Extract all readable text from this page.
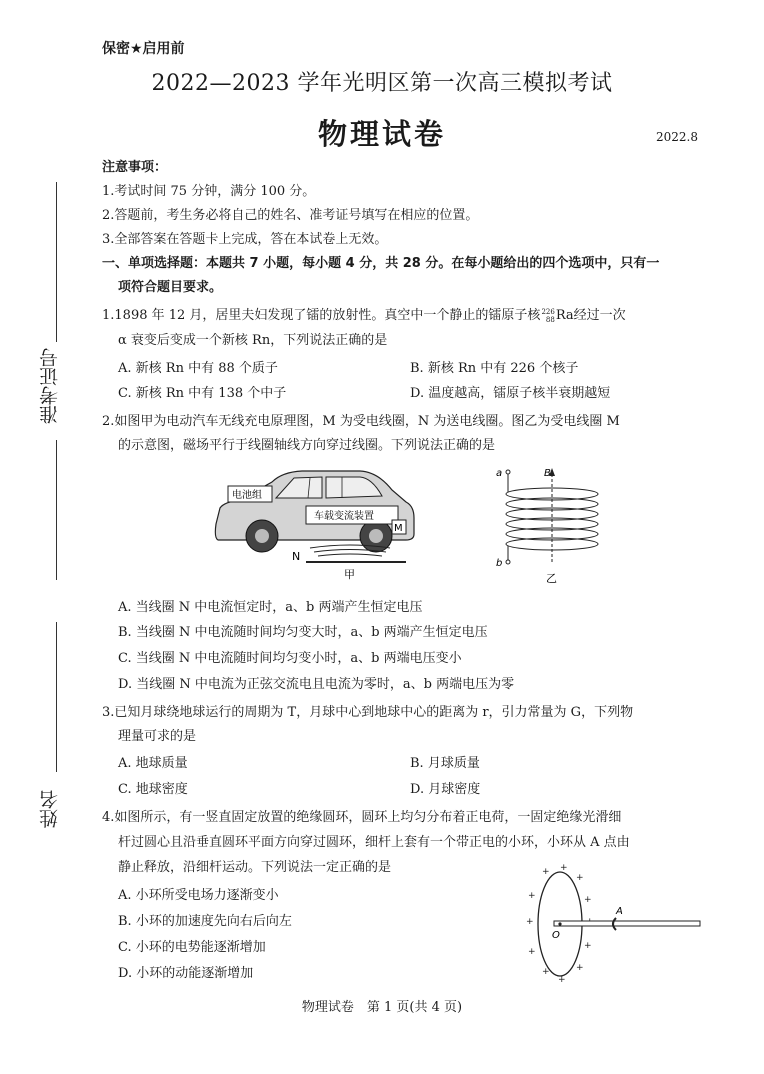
保密★启用前
2022—2023 学年光明区第一次高三模拟考试
物理试卷	2022.8
准考证号
姓名
注意事项：
1.考试时间 75 分钟，满分 100 分。
2.答题前，考生务必将自己的姓名、准考证号填写在相应的位置。
3.全部答案在答题卡上完成，答在本试卷上无效。
一、单项选择题：本题共 7 小题，每小题 4 分，共 28 分。在每小题给出的四个选项中，只有一
项符合题目要求。
1.1898 年 12 月，居里夫妇发现了镭的放射性。真空中一个静止的镭原子核226
88Ra经过一次
α 衰变后变成一个新核 Rn，下列说法正确的是
A. 新核 Rn 中有 88 个质子	B. 新核 Rn 中有 226 个核子
C. 新核 Rn 中有 138 个中子	D. 温度越高，镭原子核半衰期越短
2.如图甲为电动汽车无线充电原理图，M 为受电线圈，N 为送电线圈。图乙为受电线圈 M
的示意图，磁场平行于线圈轴线方向穿过线圈。下列说法正确的是
电池组
车载变流装置
M
N
甲
a	B
b
乙
A. 当线圈 N 中电流恒定时，a、b 两端产生恒定电压
B. 当线圈 N 中电流随时间均匀变大时，a、b 两端产生恒定电压
C. 当线圈 N 中电流随时间均匀变小时，a、b 两端电压变小
D. 当线圈 N 中电流为正弦交流电且电流为零时，a、b 两端电压为零
3.已知月球绕地球运行的周期为 T，月球中心到地球中心的距离为 r，引力常量为 G，下列物
理量可求的是
A. 地球质量	B. 月球质量
C. 地球密度	D. 月球密度
4.如图所示，有一竖直固定放置的绝缘圆环，圆环上均匀分布着正电荷，一固定绝缘光滑细
杆过圆心且沿垂直圆环平面方向穿过圆环，细杆上套有一个带正电的小环，小环从 A 点由
静止释放，沿细杆运动。下列说法一定正确的是
A. 小环所受电场力逐渐变小
B. 小环的加速度先向右后向左
C. 小环的电势能逐渐增加
D. 小环的动能逐渐增加
+ +
+
+
+
+
+
+
+
+
+
O
A
物理试卷　第 1 页(共 4 页)
